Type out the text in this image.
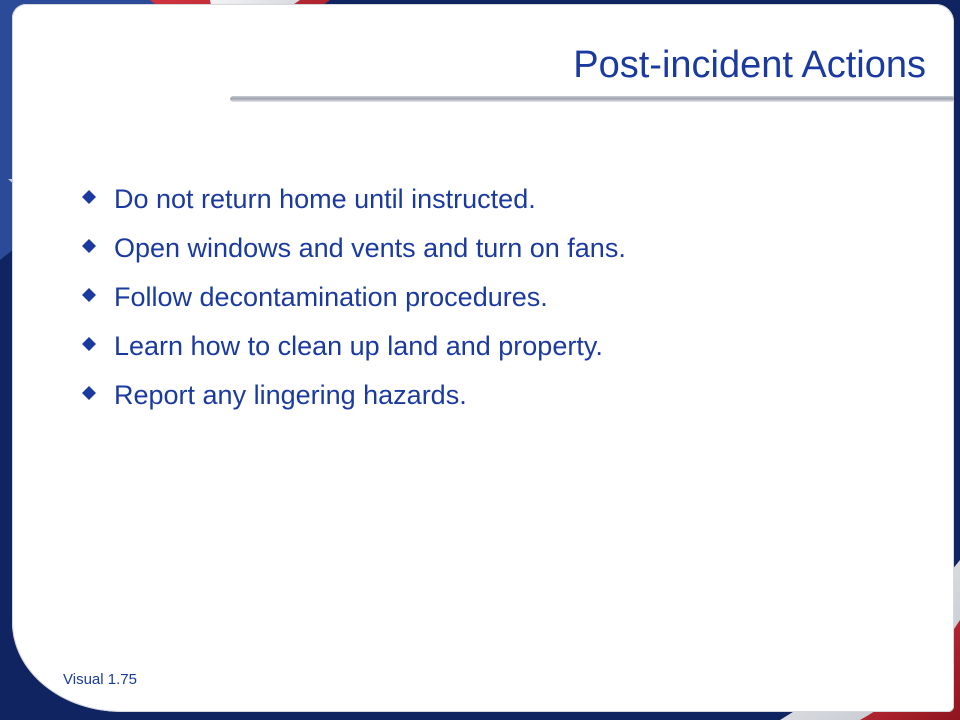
Post-incident Actions
Do not return home until instructed.
Open windows and vents and turn on fans.
Follow decontamination procedures.
Learn how to clean up land and property.
Report any lingering hazards.
Visual 1.75
